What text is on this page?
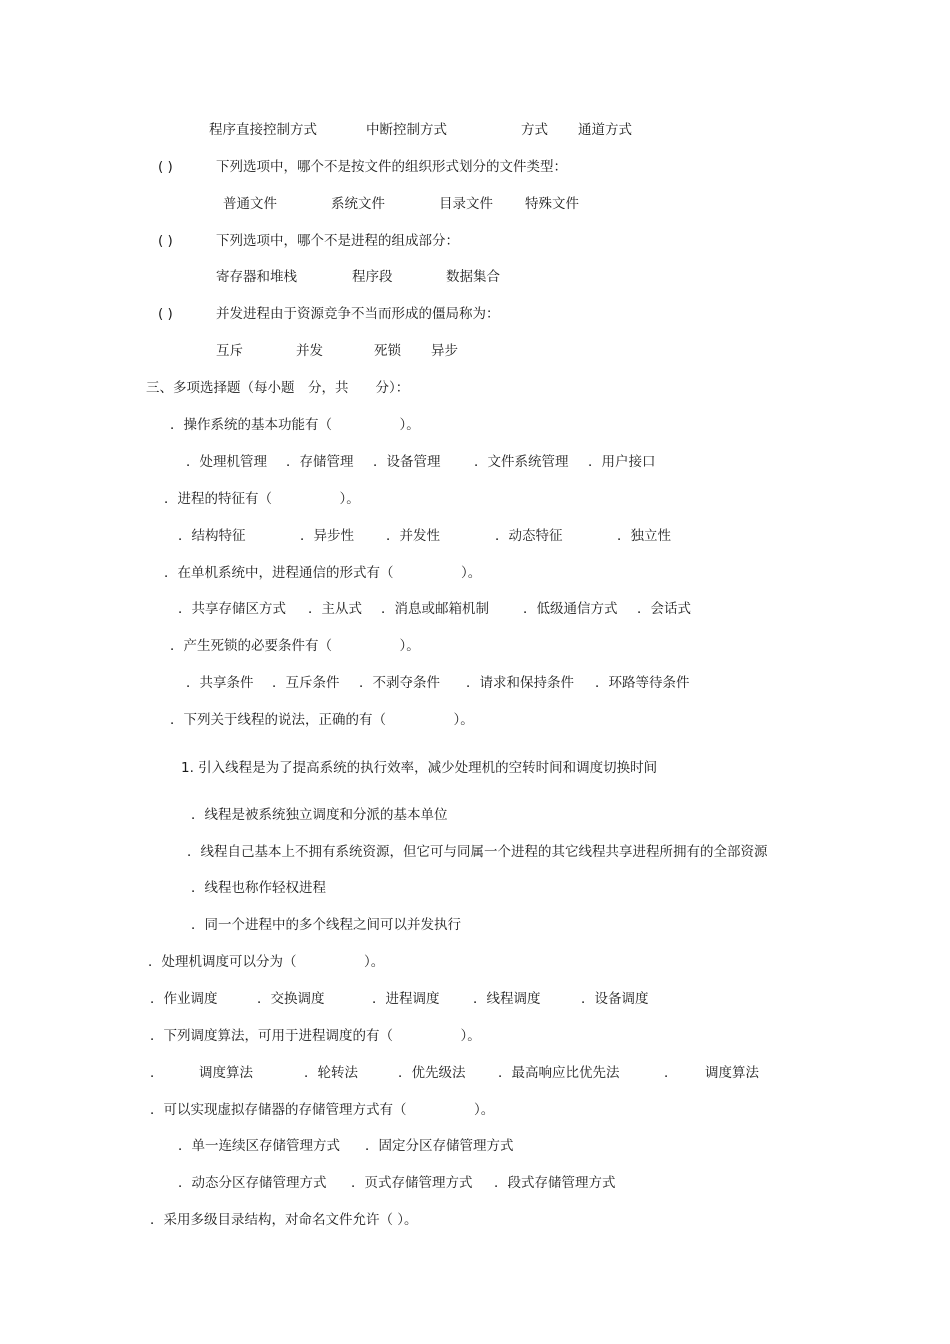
程序直接控制方式	中断控制方式	方式 通道方式
( )	下列选项中，哪个不是按文件的组织形式划分的文件类型：
普通文件	系统文件	目录文件 特殊文件
( )	下列选项中，哪个不是进程的组成部分：
寄存器和堆栈	程序段	数据集合
( )	并发进程由于资源竞争不当而形成的僵局称为：
互斥	并发	死锁 异步
三、多项选择题（每小题　分，共　　分）：
．操作系统的基本功能有（　　　　　）。
．处理机管理 ．存储管理 ．设备管理 ．文件系统管理 ．用户接口
．进程的特征有（　　　　　）。
．结构特征	．异步性 ．并发性	．动态特征	．独立性
．在单机系统中，进程通信的形式有（　　　　　）。
．共享存储区方式 ．主从式 ．消息或邮箱机制	．低级通信方式 ．会话式
．产生死锁的必要条件有（　　　　　）。
．共享条件 ．互斥条件 ．不剥夺条件 ．请求和保持条件 ．环路等待条件
．下列关于线程的说法，正确的有（　　　　　）。
1. 引入线程是为了提高系统的执行效率，减少处理机的空转时间和调度切换时间
．线程是被系统独立调度和分派的基本单位
．线程自己基本上不拥有系统资源，但它可与同属一个进程的其它线程共享进程所拥有的全部资源
．线程也称作轻权进程
．同一个进程中的多个线程之间可以并发执行
．处理机调度可以分为（　　　　　）。
．作业调度	．交换调度	．进程调度 ．线程调度	．设备调度
．下列调度算法，可用于进程调度的有（　　　　　）。
．	调度算法	．轮转法	．优先级法 ．最高响应比优先法	． 调度算法
．可以实现虚拟存储器的存储管理方式有（　　　　　）。
．单一连续区存储管理方式 ．固定分区存储管理方式
．动态分区存储管理方式 ．页式存储管理方式 ．段式存储管理方式
．采用多级目录结构，对命名文件允许（ ）。
